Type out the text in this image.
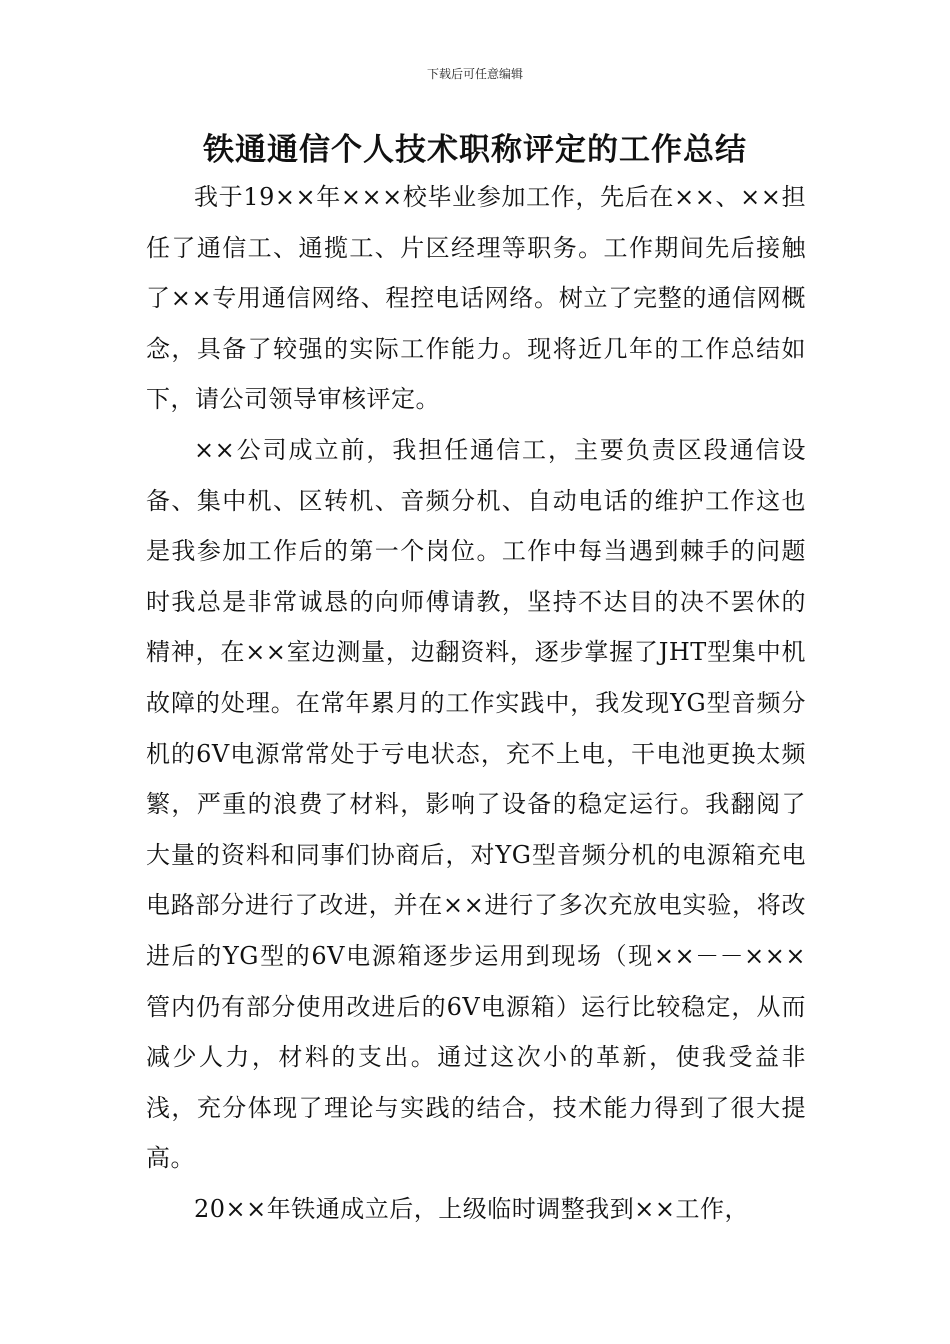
下载后可任意编辑
铁通通信个人技术职称评定的工作总结

我于19××年×××校毕业参加工作，先后在××、××担任了通信工、通揽工、片区经理等职务。工作期间先后接触了××专用通信网络、程控电话网络。树立了完整的通信网概念，具备了较强的实际工作能力。现将近几年的工作总结如下，请公司领导审核评定。

××公司成立前，我担任通信工，主要负责区段通信设备、集中机、区转机、音频分机、自动电话的维护工作这也是我参加工作后的第一个岗位。工作中每当遇到棘手的问题时我总是非常诚恳的向师傅请教，坚持不达目的决不罢休的精神，在××室边测量，边翻资料，逐步掌握了JHT型集中机故障的处理。在常年累月的工作实践中，我发现YG型音频分机的6V电源常常处于亏电状态，充不上电，干电池更换太频繁，严重的浪费了材料，影响了设备的稳定运行。我翻阅了大量的资料和同事们协商后，对YG型音频分机的电源箱充电电路部分进行了改进，并在××进行了多次充放电实验，将改进后的YG型的6V电源箱逐步运用到现场（现××－－×××管内仍有部分使用改进后的6V电源箱）运行比较稳定，从而减少人力，材料的支出。通过这次小的革新，使我受益非浅，充分体现了理论与实践的结合，技术能力得到了很大提高。

20××年铁通成立后，上级临时调整我到××工作，
